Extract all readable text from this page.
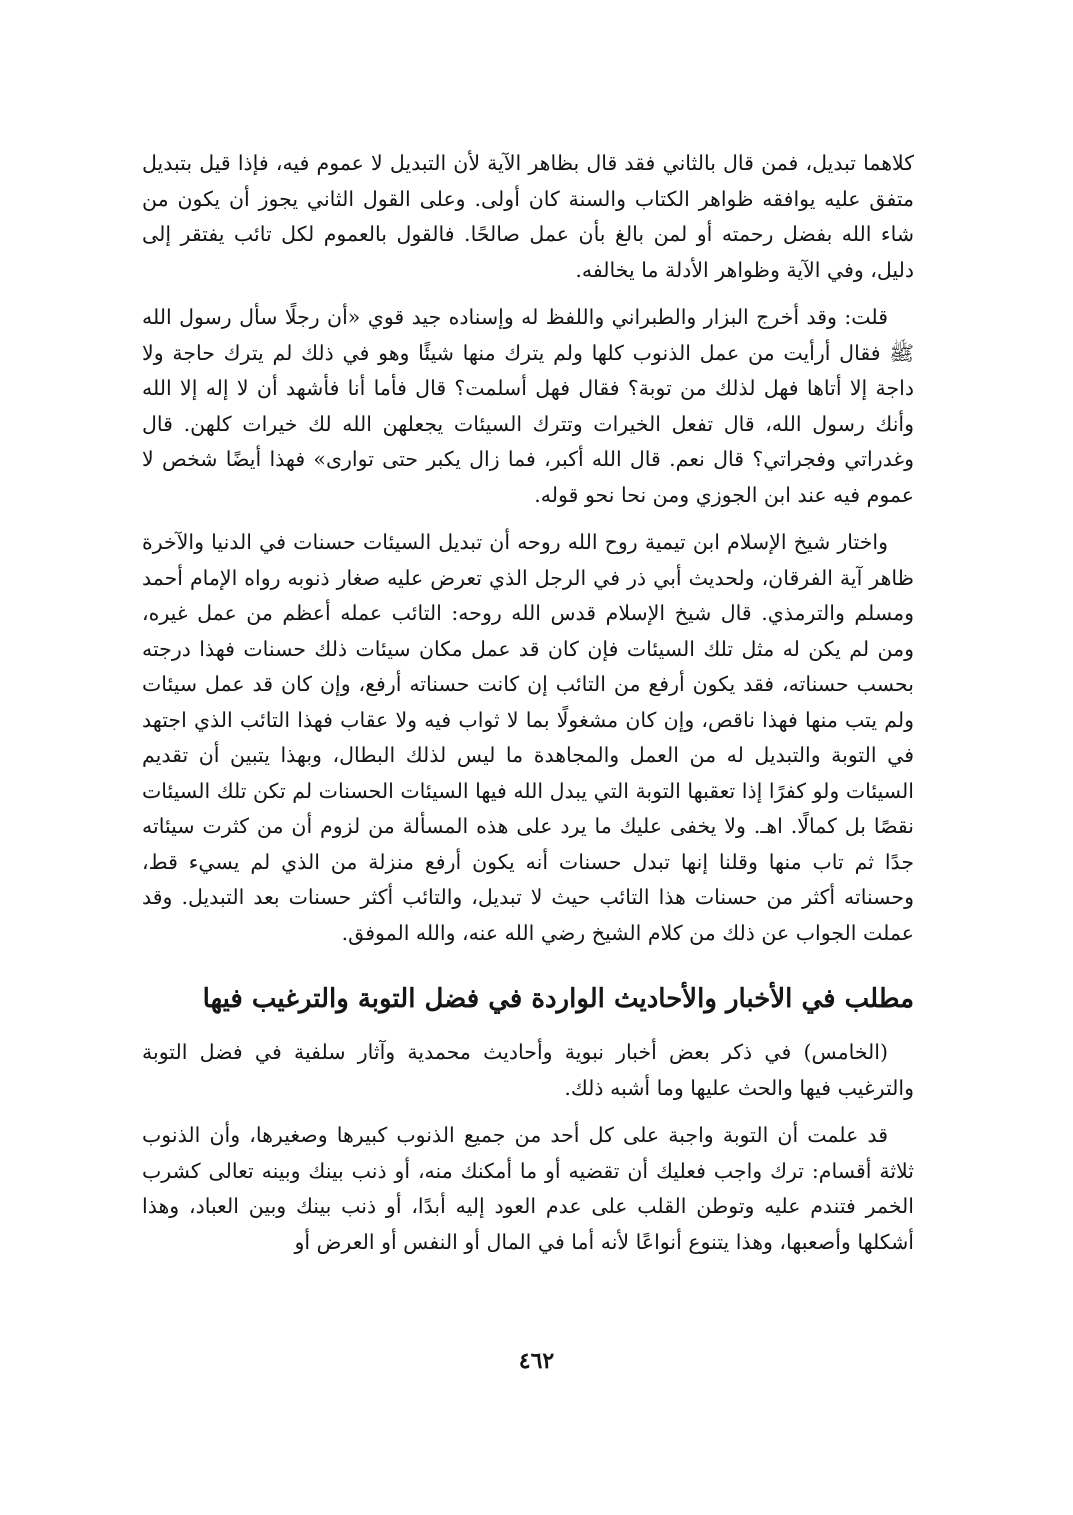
كلاهما تبديل، فمن قال بالثاني فقد قال بظاهر الآية لأن التبديل لا عموم فيه، فإذا قيل بتبديل متفق عليه يوافقه ظواهر الكتاب والسنة كان أولى. وعلى القول الثاني يجوز أن يكون من شاء الله بفضل رحمته أو لمن بالغ بأن عمل صالحًا. فالقول بالعموم لكل تائب يفتقر إلى دليل، وفي الآية وظواهر الأدلة ما يخالفه.

قلت: وقد أخرج البزار والطبراني واللفظ له وإسناده جيد قوي «أن رجلًا سأل رسول الله ﷺ فقال أرأيت من عمل الذنوب كلها ولم يترك منها شيئًا وهو في ذلك لم يترك حاجة ولا داجة إلا أتاها فهل لذلك من توبة؟ فقال فهل أسلمت؟ قال فأما أنا فأشهد أن لا إله إلا الله وأنك رسول الله، قال تفعل الخيرات وتترك السيئات يجعلهن الله لك خيرات كلهن. قال وغدراتي وفجراتي؟ قال نعم. قال الله أكبر، فما زال يكبر حتى توارى» فهذا أيضًا شخص لا عموم فيه عند ابن الجوزي ومن نحا نحو قوله.

واختار شيخ الإسلام ابن تيمية روح الله روحه أن تبديل السيئات حسنات في الدنيا والآخرة ظاهر آية الفرقان، ولحديث أبي ذر في الرجل الذي تعرض عليه صغار ذنوبه رواه الإمام أحمد ومسلم والترمذي. قال شيخ الإسلام قدس الله روحه: التائب عمله أعظم من عمل غيره، ومن لم يكن له مثل تلك السيئات فإن كان قد عمل مكان سيئات ذلك حسنات فهذا درجته بحسب حسناته، فقد يكون أرفع من التائب إن كانت حسناته أرفع، وإن كان قد عمل سيئات ولم يتب منها فهذا ناقص، وإن كان مشغولًا بما لا ثواب فيه ولا عقاب فهذا التائب الذي اجتهد في التوبة والتبديل له من العمل والمجاهدة ما ليس لذلك البطال، وبهذا يتبين أن تقديم السيئات ولو كفرًا إذا تعقبها التوبة التي يبدل الله فيها السيئات الحسنات لم تكن تلك السيئات نقصًا بل كمالًا. اهـ. ولا يخفى عليك ما يرد على هذه المسألة من لزوم أن من كثرت سيئاته جدًا ثم تاب منها وقلنا إنها تبدل حسنات أنه يكون أرفع منزلة من الذي لم يسيء قط، وحسناته أكثر من حسنات هذا التائب حيث لا تبديل، والتائب أكثر حسنات بعد التبديل. وقد عملت الجواب عن ذلك من كلام الشيخ رضي الله عنه، والله الموفق.

مطلب في الأخبار والأحاديث الواردة في فضل التوبة والترغيب فيها

(الخامس) في ذكر بعض أخبار نبوية وأحاديث محمدية وآثار سلفية في فضل التوبة والترغيب فيها والحث عليها وما أشبه ذلك.

قد علمت أن التوبة واجبة على كل أحد من جميع الذنوب كبيرها وصغيرها، وأن الذنوب ثلاثة أقسام: ترك واجب فعليك أن تقضيه أو ما أمكنك منه، أو ذنب بينك وبينه تعالى كشرب الخمر فتندم عليه وتوطن القلب على عدم العود إليه أبدًا، أو ذنب بينك وبين العباد، وهذا أشكلها وأصعبها، وهذا يتنوع أنواعًا لأنه أما في المال أو النفس أو العرض أو

٤٦٢
